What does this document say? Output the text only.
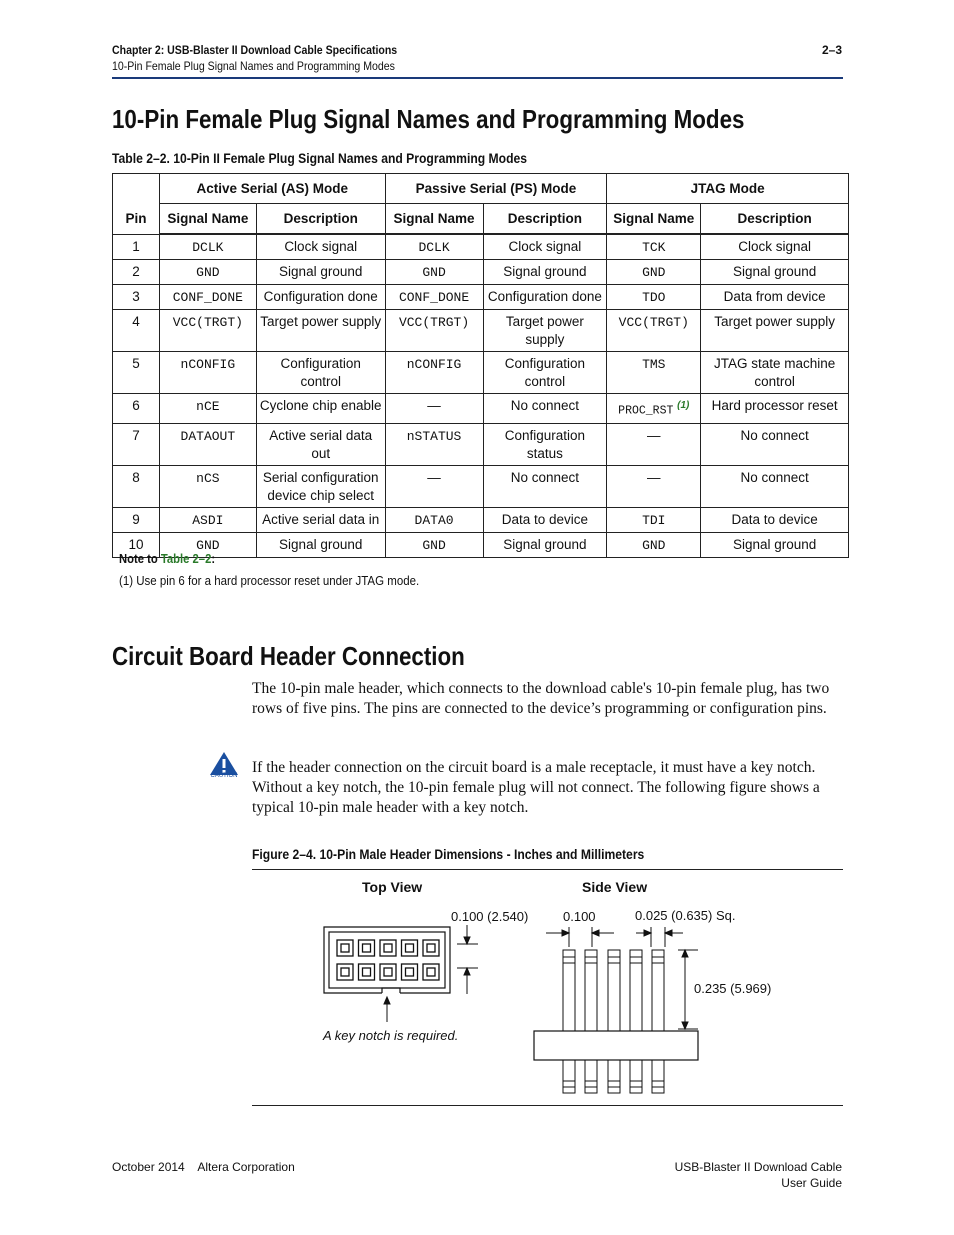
Chapter 2: USB-Blaster II Download Cable Specifications
10-Pin Female Plug Signal Names and Programming Modes
2–3
10-Pin Female Plug Signal Names and Programming Modes
Table 2–2. 10-Pin II Female Plug Signal Names and Programming Modes
Pin	Active Serial (AS) Mode		Passive Serial (PS) Mode		JTAG Mode	
	Signal Name	Description	Signal Name	Description	Signal Name	Description
1	DCLK	Clock signal	DCLK	Clock signal	TCK	Clock signal
2	GND	Signal ground	GND	Signal ground	GND	Signal ground
3	CONF_DONE	Configuration done	CONF_DONE	Configuration done	TDO	Data from device
4	VCC(TRGT)	Target power supply	VCC(TRGT)	Target power supply	VCC(TRGT)	Target power supply
5	nCONFIG	Configuration control	nCONFIG	Configuration control	TMS	JTAG state machine control
6	nCE	Cyclone chip enable	—	No connect	PROC_RST $^{(1)}$	Hard processor reset
7	DATAOUT	Active serial data out	nSTATUS	Configuration status	—	No connect
8	nCS	Serial configuration device chip select	—	No connect	—	No connect
9	ASDI	Active serial data in	DATA0	Data to device	TDI	Data to device
10	GND	Signal ground	GND	Signal ground	GND	Signal ground
Note to Table 2–2:
(1) Use pin 6 for a hard processor reset under JTAG mode.
Circuit Board Header Connection
The 10-pin male header, which connects to the download cable's 10-pin female plug, has two rows of five pins. The pins are connected to the device’s programming or configuration pins.
CAUTION If the header connection on the circuit board is a male receptacle, it must have a key notch. Without a key notch, the 10-pin female plug will not connect. The following figure shows a typical 10-pin male header with a key notch.
Figure 2–4. 10-Pin Male Header Dimensions - Inches and Millimeters
Top View	Side View
0.100 (2.540)	0.100	0.025 (0.635) Sq.
0.235 (5.969)
A key notch is required.
October 2014    Altera Corporation	USB-Blaster II Download Cable
User Guide
